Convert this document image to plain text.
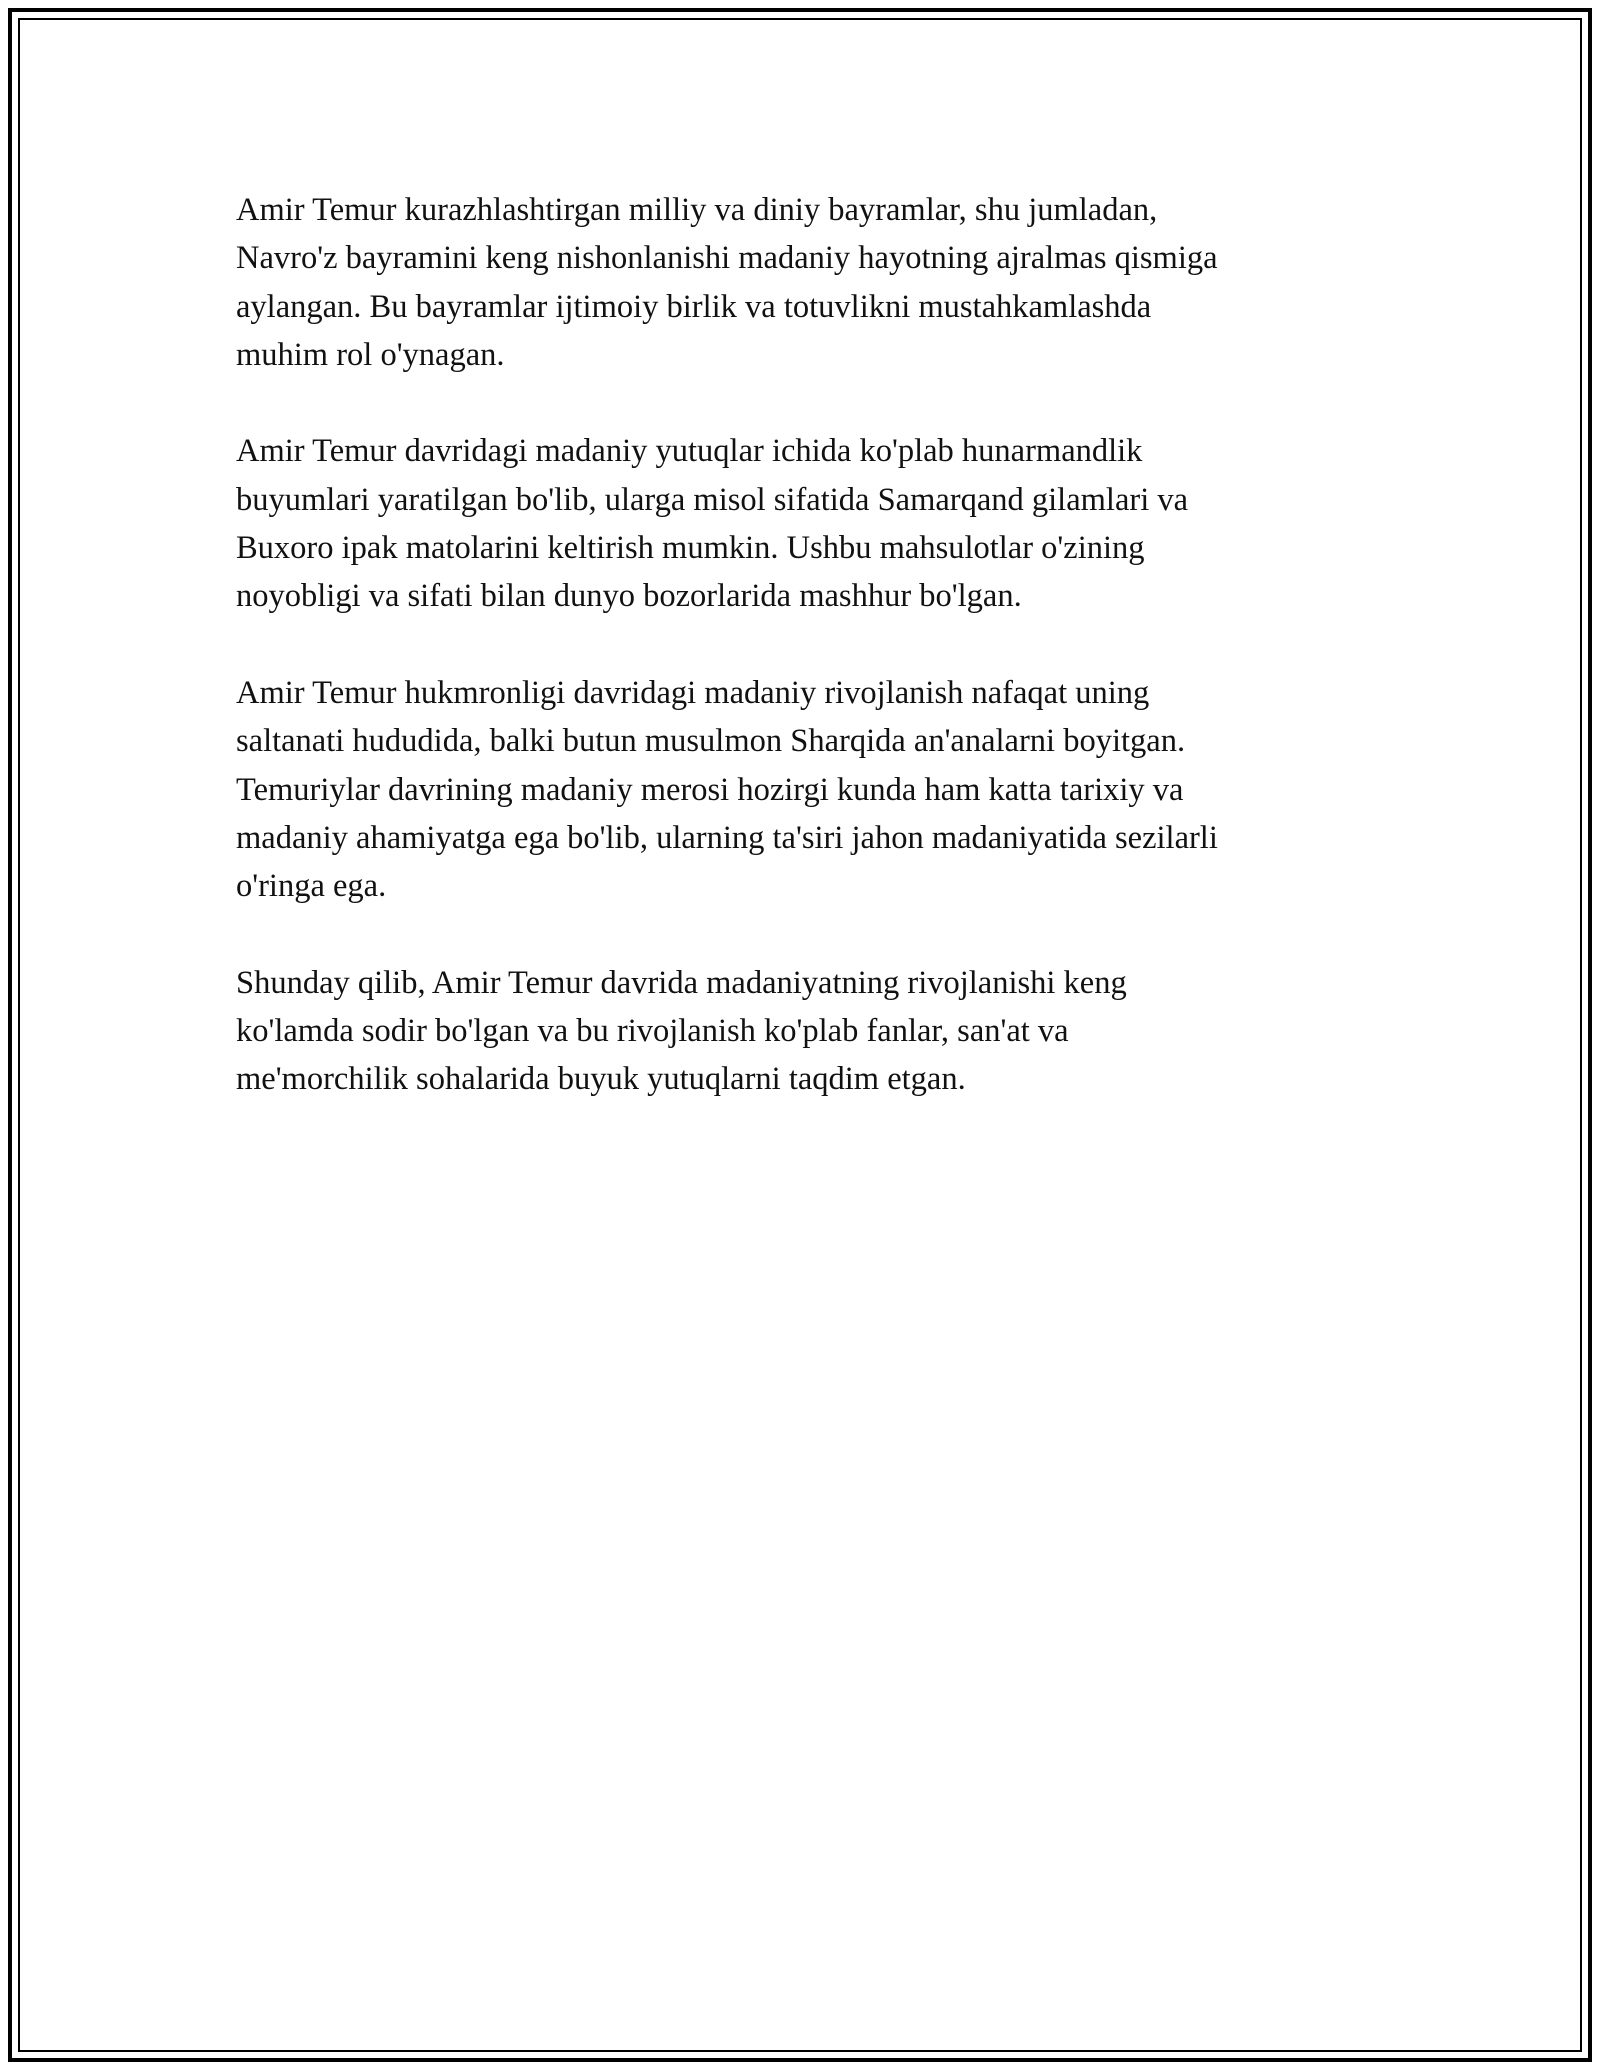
Amir Temur kurazhlashtirgan milliy va diniy bayramlar, shu jumladan,
Navro'z bayramini keng nishonlanishi madaniy hayotning ajralmas qismiga
aylangan. Bu bayramlar ijtimoiy birlik va totuvlikni mustahkamlashda
muhim rol o'ynagan.

Amir Temur davridagi madaniy yutuqlar ichida ko'plab hunarmandlik
buyumlari yaratilgan bo'lib, ularga misol sifatida Samarqand gilamlari va
Buxoro ipak matolarini keltirish mumkin. Ushbu mahsulotlar o'zining
noyobligi va sifati bilan dunyo bozorlarida mashhur bo'lgan.

Amir Temur hukmronligi davridagi madaniy rivojlanish nafaqat uning
saltanati hududida, balki butun musulmon Sharqida an'analarni boyitgan.
Temuriylar davrining madaniy merosi hozirgi kunda ham katta tarixiy va
madaniy ahamiyatga ega bo'lib, ularning ta'siri jahon madaniyatida sezilarli
o'ringa ega.

Shunday qilib, Amir Temur davrida madaniyatning rivojlanishi keng
ko'lamda sodir bo'lgan va bu rivojlanish ko'plab fanlar, san'at va
me'morchilik sohalarida buyuk yutuqlarni taqdim etgan.
